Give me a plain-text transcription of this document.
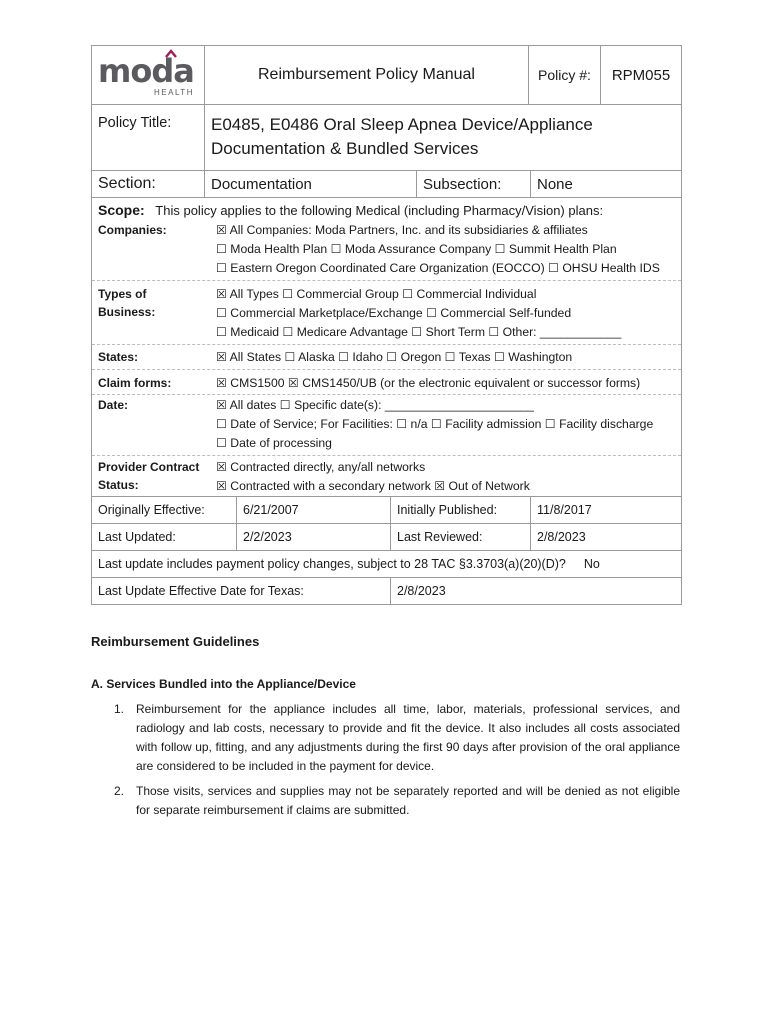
moda
HEALTH
Reimbursement Policy Manual	Policy #:	RPM055
Policy Title:	E0485, E0486 Oral Sleep Apnea Device/Appliance
Documentation & Bundled Services
Section:	Documentation	Subsection:	None
Scope: This policy applies to the following Medical (including Pharmacy/Vision) plans:
Companies:	☒ All Companies: Moda Partners, Inc. and its subsidiaries & affiliates
☐ Moda Health Plan ☐ Moda Assurance Company ☐ Summit Health Plan
☐ Eastern Oregon Coordinated Care Organization (EOCCO) ☐ OHSU Health IDS
Types of
Business:
☒ All Types ☐ Commercial Group ☐ Commercial Individual
☐ Commercial Marketplace/Exchange ☐ Commercial Self-funded
☐ Medicaid ☐ Medicare Advantage ☐ Short Term ☐ Other: ____________
States:	☒ All States ☐ Alaska ☐ Idaho ☐ Oregon ☐ Texas ☐ Washington
Claim forms:	☒ CMS1500 ☒ CMS1450/UB (or the electronic equivalent or successor forms)
Date:	☒ All dates ☐ Specific date(s): ______________________
☐ Date of Service; For Facilities: ☐ n/a ☐ Facility admission ☐ Facility discharge
☐ Date of processing
Provider Contract
Status:
☒ Contracted directly, any/all networks
☒ Contracted with a secondary network ☒ Out of Network
Originally Effective:	6/21/2007	Initially Published:	11/8/2017
Last Updated:	2/2/2023	Last Reviewed:	2/8/2023
Last update includes payment policy changes, subject to 28 TAC §3.3703(a)(20)(D)? No
Last Update Effective Date for Texas:	2/8/2023
Reimbursement Guidelines
A. Services Bundled into the Appliance/Device
1. Reimbursement for the appliance includes all time, labor, materials, professional services, and radiology and lab costs, necessary to provide and fit the device. It also includes all costs associated with follow up, fitting, and any adjustments during the first 90 days after provision of the oral appliance are considered to be included in the payment for device.
2. Those visits, services and supplies may not be separately reported and will be denied as not eligible for separate reimbursement if claims are submitted.
